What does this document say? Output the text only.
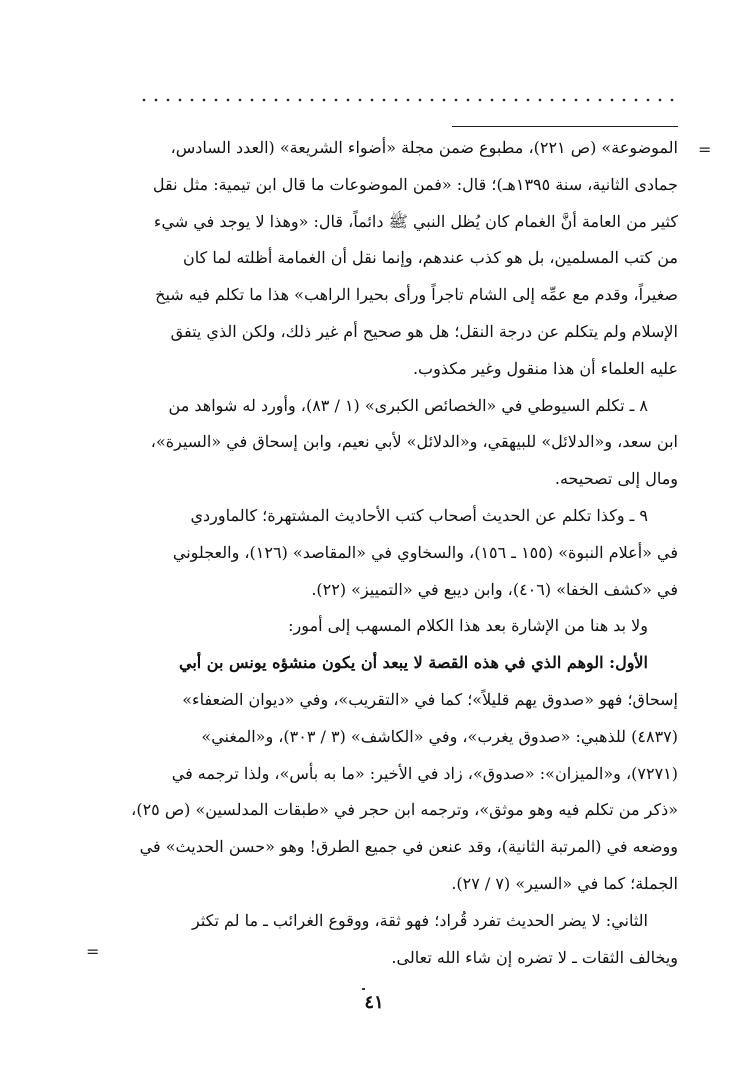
=

الموضوعة» (ص ٢٢١)، مطبوع ضمن مجلة «أضواء الشريعة» (العدد السادس،

جمادى الثانية، سنة ١٣٩٥هـ)؛ قال: «فمن الموضوعات ما قال ابن تيمية: مثل نقل

كثير من العامة أنَّ الغمام كان يُظل النبي ﷺ دائماً، قال: «وهذا لا يوجد في شيء

من كتب المسلمين، بل هو كذب عندهم، وإنما نقل أن الغمامة أظلته لما كان

صغيراً، وقدم مع عمِّه إلى الشام تاجراً ورأى بحيرا الراهب» هذا ما تكلم فيه شيخ

الإسلام ولم يتكلم عن درجة النقل؛ هل هو صحيح أم غير ذلك، ولكن الذي يتفق

عليه العلماء أن هذا منقول وغير مكذوب.

٨ ـ تكلم السيوطي في «الخصائص الكبرى» (١ / ٨٣)، وأورد له شواهد من

ابن سعد، و«الدلائل» للبيهقي، و«الدلائل» لأبي نعيم، وابن إسحاق في «السيرة»،

ومال إلى تصحيحه.

٩ ـ وكذا تكلم عن الحديث أصحاب كتب الأحاديث المشتهرة؛ كالماوردي

في «أعلام النبوة» (١٥٥ ـ ١٥٦)، والسخاوي في «المقاصد» (١٢٦)، والعجلوني

في «كشف الخفا» (٤٠٦)، وابن ديبع في «التمييز» (٢٢).

ولا بد هنا من الإشارة بعد هذا الكلام المسهب إلى أمور:

الأول: الوهم الذي في هذه القصة لا يبعد أن يكون منشؤه يونس بن أبي

إسحاق؛ فهو «صدوق يهم قليلاً»؛ كما في «التقريب»، وفي «ديوان الضعفاء»

(٤٨٣٧) للذهبي: «صدوق يغرب»، وفي «الكاشف» (٣ / ٣٠٣)، و«المغني»

(٧٢٧١)، و«الميزان»: «صدوق»، زاد في الأخير: «ما به بأس»، ولذا ترجمه في

«ذكر من تكلم فيه وهو موثق»، وترجمه ابن حجر في «طبقات المدلسين» (ص ٢٥)،

ووضعه في (المرتبة الثانية)، وقد عنعن في جميع الطرق! وهو «حسن الحديث» في

الجملة؛ كما في «السير» (٧ / ٢٧).

الثاني: لا يضر الحديث تفرد قُراد؛ فهو ثقة، ووقوع الغرائب ـ ما لم تكثر

ويخالف الثقات ـ لا تضره إن شاء الله تعالى.

=
٤١
